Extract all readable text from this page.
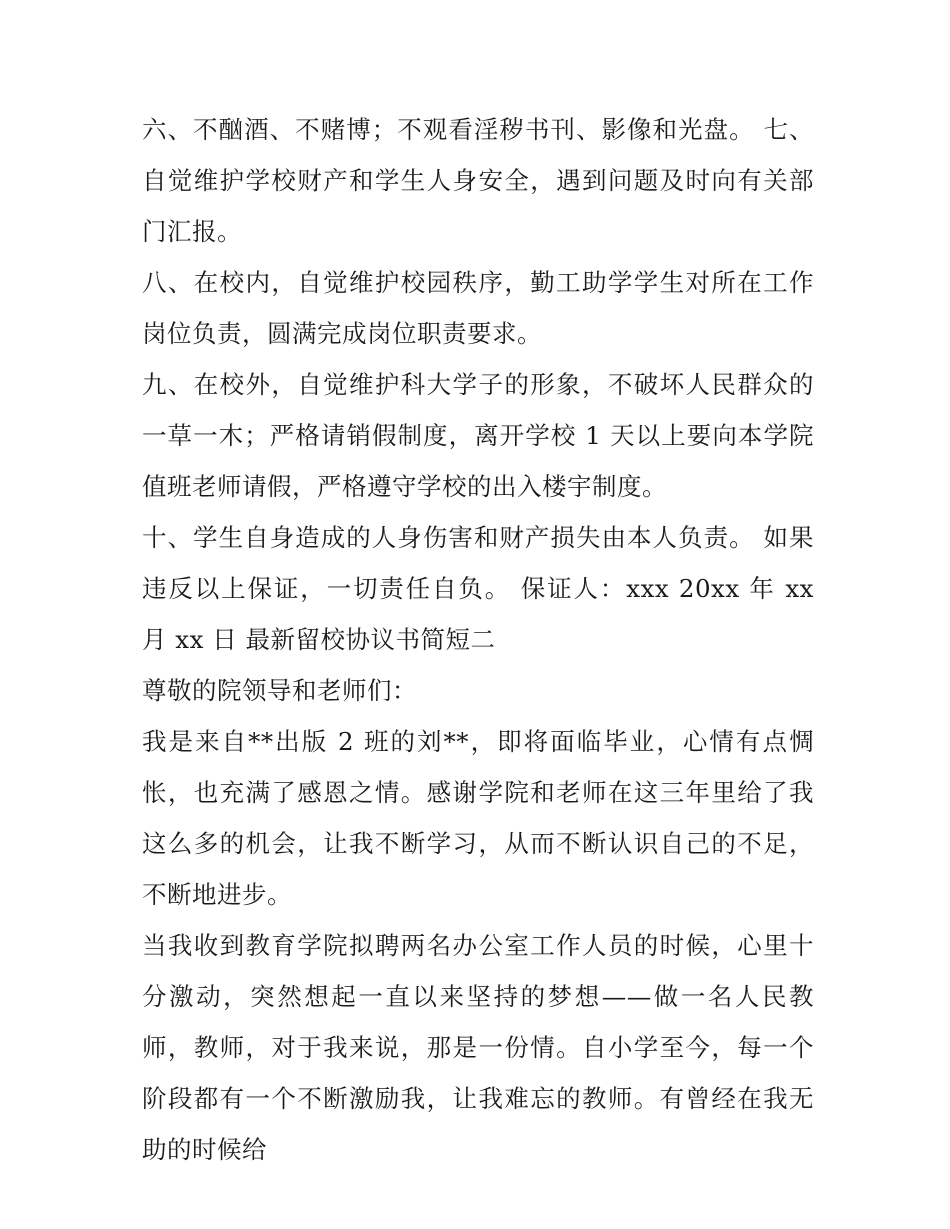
六、不酗酒、不赌博；不观看淫秽书刊、影像和光盘。 七、自觉维护学校财产和学生人身安全，遇到问题及时向有关部门汇报。

八、在校内，自觉维护校园秩序，勤工助学学生对所在工作岗位负责，圆满完成岗位职责要求。

九、在校外，自觉维护科大学子的形象，不破坏人民群众的一草一木；严格请销假制度，离开学校 1 天以上要向本学院值班老师请假，严格遵守学校的出入楼宇制度。

十、学生自身造成的人身伤害和财产损失由本人负责。 如果违反以上保证，一切责任自负。 保证人：xxx 20xx 年 xx 月 xx 日 最新留校协议书简短二

尊敬的院领导和老师们：

我是来自**出版 2 班的刘**，即将面临毕业，心情有点惆怅，也充满了感恩之情。感谢学院和老师在这三年里给了我这么多的机会，让我不断学习，从而不断认识自己的不足，不断地进步。

当我收到教育学院拟聘两名办公室工作人员的时候，心里十分激动，突然想起一直以来坚持的梦想——做一名人民教师，教师，对于我来说，那是一份情。自小学至今，每一个阶段都有一个不断激励我，让我难忘的教师。有曾经在我无助的时候给
